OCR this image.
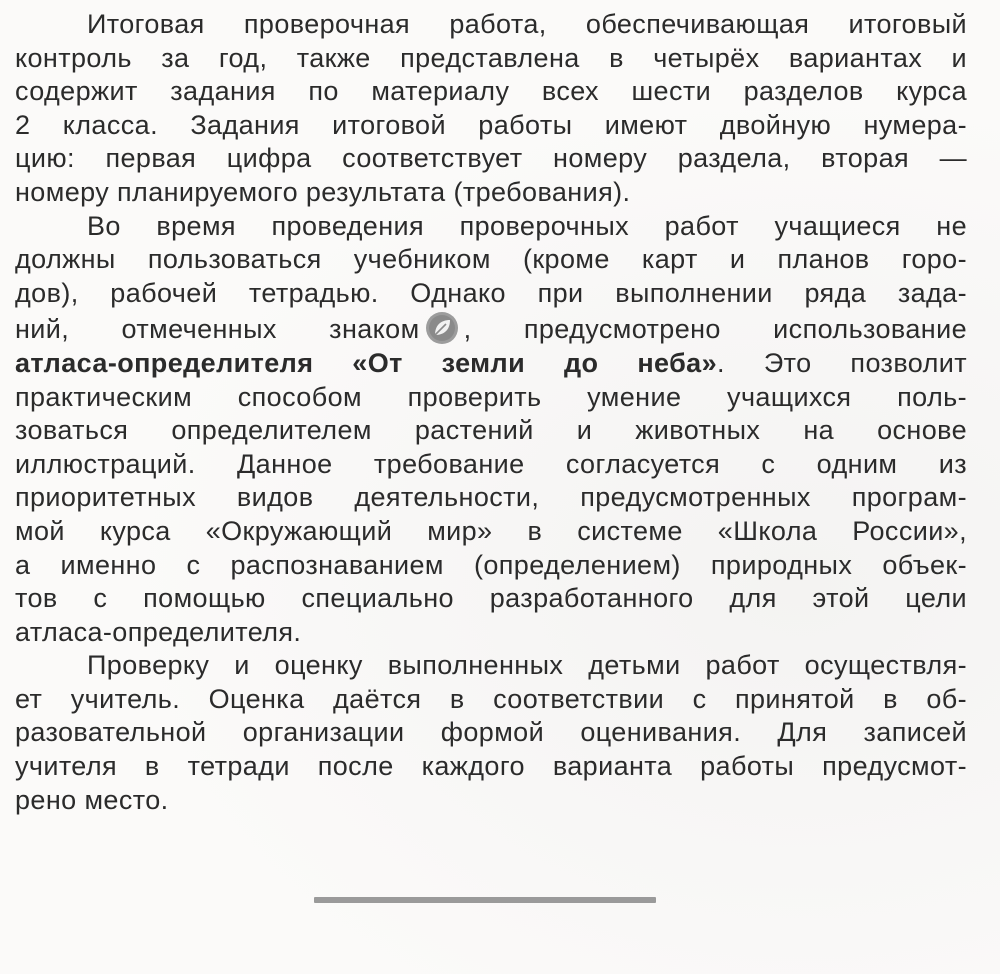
Итоговая проверочная работа, обеспечивающая итоговый
контроль за год, также представлена в четырёх вариантах и
содержит задания по материалу всех шести разделов курса
2 класса. Задания итоговой работы имеют двойную нумера-
цию: первая цифра соответствует номеру раздела, вторая —
номеру планируемого результата (требования).
Во время проведения проверочных работ учащиеся не
должны пользоваться учебником (кроме карт и планов горо-
дов), рабочей тетрадью. Однако при выполнении ряда зада-
ний, отмеченных знаком , предусмотрено использование
атласа-определителя «От земли до неба». Это позволит
практическим способом проверить умение учащихся поль-
зоваться определителем растений и животных на основе
иллюстраций. Данное требование согласуется с одним из
приоритетных видов деятельности, предусмотренных програм-
мой курса «Окружающий мир» в системе «Школа России»,
а именно с распознаванием (определением) природных объек-
тов с помощью специально разработанного для этой цели
атласа-определителя.
Проверку и оценку выполненных детьми работ осуществля-
ет учитель. Оценка даётся в соответствии с принятой в об-
разовательной организации формой оценивания. Для записей
учителя в тетради после каждого варианта работы предусмот-
рено место.
